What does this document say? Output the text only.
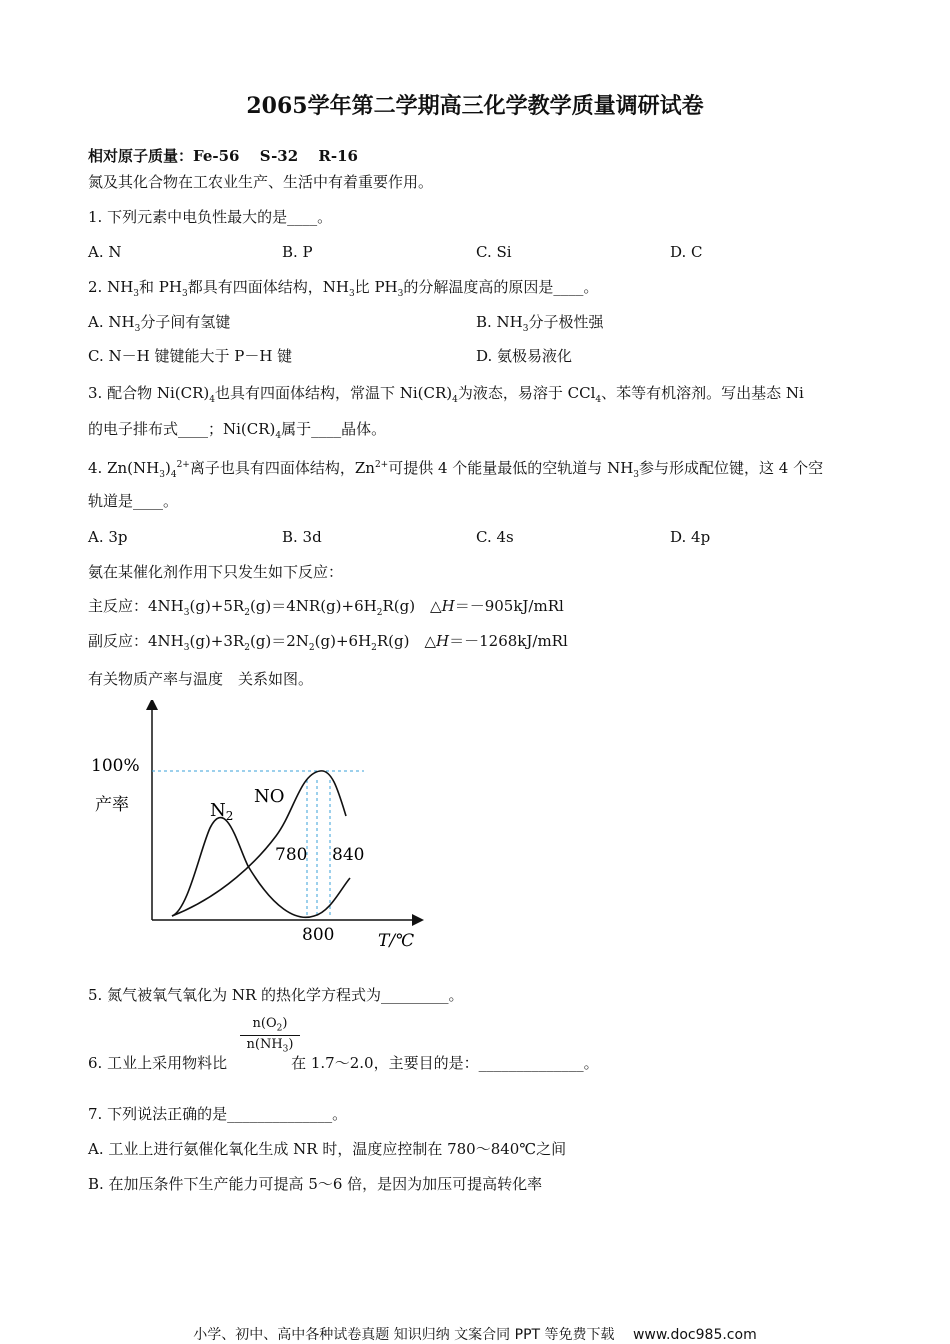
2065学年第二学期高三化学教学质量调研试卷
相对原子质量：Fe-56　 S-32　 R-16
氮及其化合物在工农业生产、生活中有着重要作用。
1. 下列元素中电负性最大的是____。
A. N	B. P	C. Si	D. C
2. $NH_3$和 $PH_3$都具有四面体结构，$NH_3$比 $PH_3$的分解温度高的原因是____。
A. $NH_3$分子间有氢键	B. $NH_3$分子极性强
C. N－H 键键能大于 P－H 键	D. 氨极易液化
3. 配合物 $Ni(CR)_4$也具有四面体结构，常温下 $Ni(CR)_4$为液态，易溶于 CCl$_4$、苯等有机溶剂。写出基态 Ni
的电子排布式____；$Ni(CR)_4$属于____晶体。
4. $Zn(NH_3)_4^{2+}$离子也具有四面体结构，$Zn^{2+}$可提供 4 个能量最低的空轨道与 $NH_3$参与形成配位键，这 4 个空
轨道是____。
A. 3p	B. 3d	C. 4s	D. 4p
氨在某催化剂作用下只发生如下反应：
主反应：$4NH_3(g)+5R_2(g)=4NR(g)+6H_2R(g)$　△H＝－905kJ/mRl
副反应：$4NH_3(g)+3R_2(g)=2N_2(g)+6H_2R(g)$　△H＝－1268kJ/mRl
有关物质产率与温度　关系如图。
100%
产率	$N_2$
NO
780 840
800	T/℃
5. 氮气被氧气氧化为 NR 的热化学方程式为_________。
$\frac{n(O_2)}{n(NH_3)}$
6. 工业上采用物料比	在 1.7～2.0，主要目的是：______________。
7. 下列说法正确的是______________。
A. 工业上进行氨催化氧化生成 NR 时，温度应控制在 780～840℃之间
B. 在加压条件下生产能力可提高 5～6 倍，是因为加压可提高转化率
小学、初中、高中各种试卷真题 知识归纳 文案合同 PPT 等免费下载　 www.doc985.com
